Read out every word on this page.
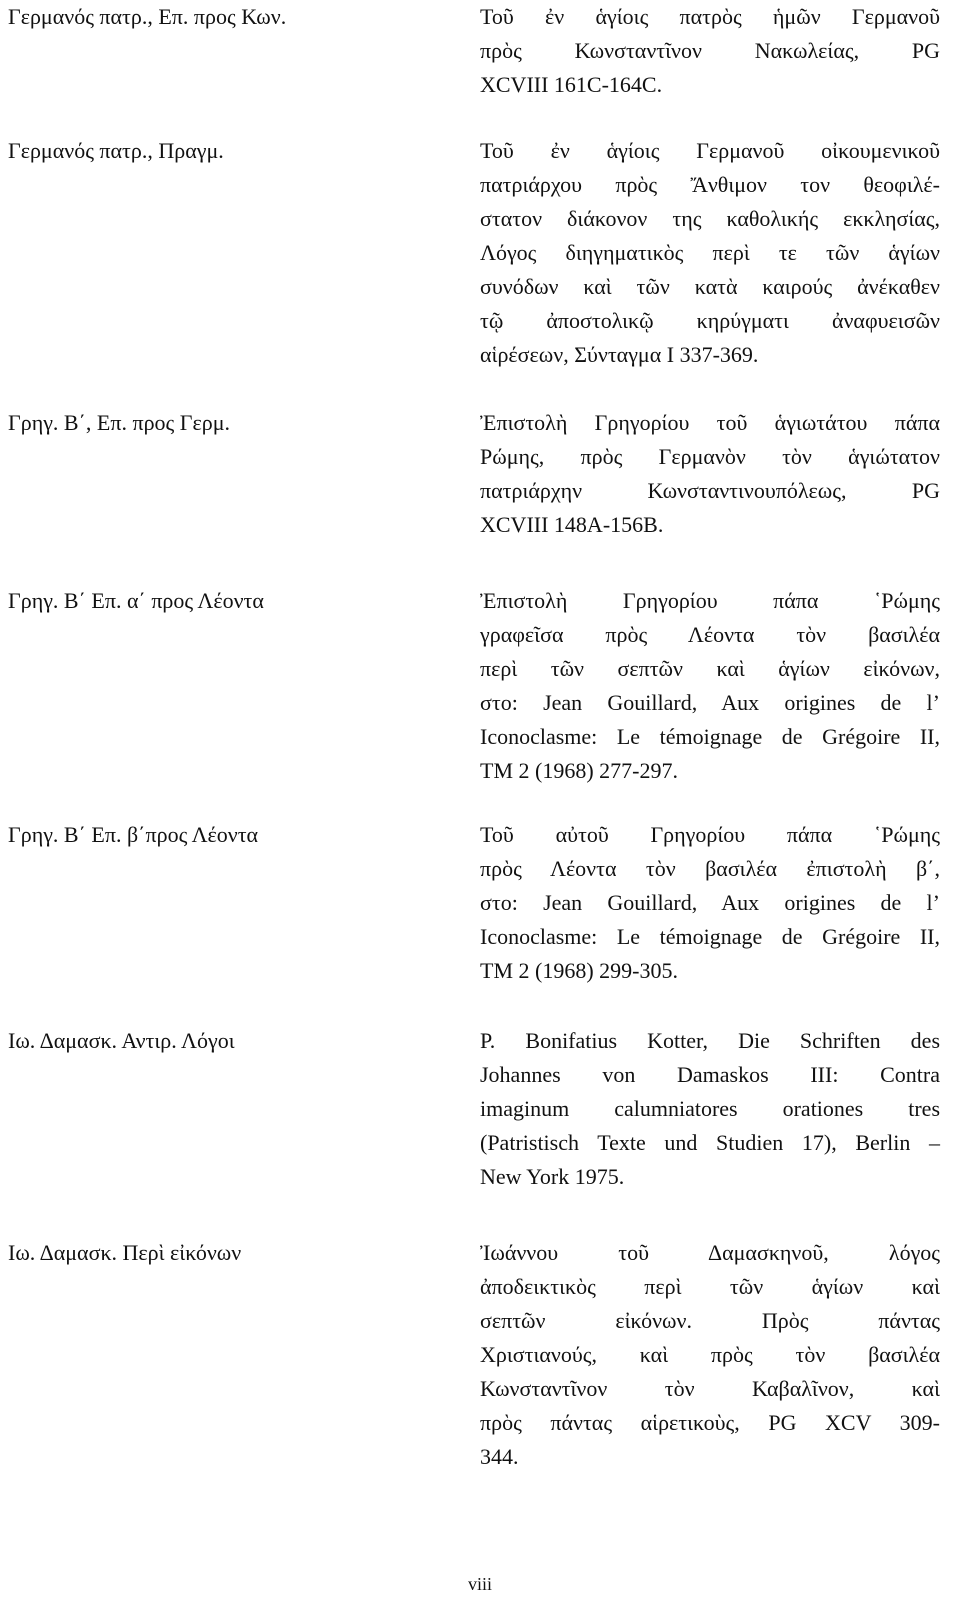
Γερμανός πατρ., Επ. προς Κων.	Τοῦ ἐν ἁγίοις πατρὸς ἡμῶν Γερμανοῦ
πρὸς Κωνσταντῖνον Νακωλείας, PG
XCVIII 161C-164C.
Γερμανός πατρ., Πραγμ.	Τοῦ ἐν ἁγίοις Γερμανοῦ οἰκουμενικοῦ
πατριάρχου πρὸς Ἄνθιμον τον θεοφιλέ-
στατον διάκονον της καθολικής εκκλησίας,
Λόγος διηγηματικὸς περὶ τε τῶν ἁγίων
συνόδων καὶ τῶν κατὰ καιρούς ἀνέκαθεν
τῷ ἀποστολικῷ κηρύγματι ἀναφυεισῶν
αἱρέσεων, Σύνταγμα Ι 337-369.
Γρηγ. Β΄, Επ. προς Γερμ.	Ἐπιστολὴ Γρηγορίου τοῦ ἁγιωτάτου πάπα
Ρώμης, πρὸς Γερμανὸν τὸν ἁγιώτατον
πατριάρχην Κωνσταντινουπόλεως, PG
XCVIII 148A-156B.
Γρηγ. Β΄ Επ. α΄ προς Λέοντα	Ἐπιστολὴ Γρηγορίου πάπα ῾Ρώμης
γραφεῖσα πρὸς Λέοντα τὸν βασιλέα
περὶ τῶν σεπτῶν καὶ ἁγίων εἰκόνων,
στο: Jean Gouillard, Aux origines de l’
Iconoclasme: Le témoignage de Grégoire II,
TM 2 (1968) 277-297.
Γρηγ. Β΄ Επ. β΄προς Λέοντα	Τοῦ αὐτοῦ Γρηγορίου πάπα ῾Ρώμης
πρὸς Λέοντα τὸν βασιλέα ἐπιστολὴ β΄,
στο: Jean Gouillard, Aux origines de l’
Iconoclasme: Le témoignage de Grégoire II,
TM 2 (1968) 299-305.
Ιω. Δαμασκ. Αντιρ. Λόγοι	P. Bonifatius Kotter, Die Schriften des
Johannes von Damaskos III: Contra
imaginum calumniatores orationes tres
(Patristisch Texte und Studien 17), Berlin –
New York 1975.
Ιω. Δαμασκ. Περὶ εἰκόνων	Ἰωάννου τοῦ Δαμασκηνοῦ, λόγος
ἀποδεικτικὸς περὶ τῶν ἁγίων καὶ
σεπτῶν εἰκόνων. Πρὸς πάντας
Χριστιανούς, καὶ πρὸς τὸν βασιλέα
Κωνσταντῖνον τὸν Καβαλῖνον, καὶ
πρὸς πάντας αἱρετικοὺς, PG XCV 309-
344.
viii
